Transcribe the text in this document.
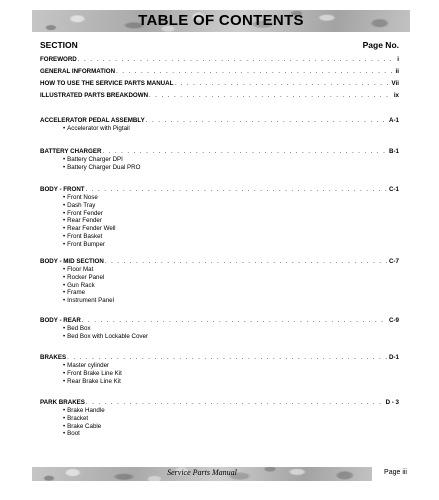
TABLE OF CONTENTS
SECTION	Page No.
FOREWORD . . .	i
GENERAL INFORMATION . . .	ii
HOW TO USE THE SERVICE PARTS MANUAL . . .	Vii
ILLUSTRATED PARTS BREAKDOWN . . .	ix
ACCELERATOR PEDAL ASSEMBLY . . .	A-1
• Accelerator with Pigtail
BATTERY CHARGER . . .	B-1
• Battery Charger DPI
• Battery Charger Dual PRO
BODY - FRONT . . .	C-1
• Front Nose
• Dash Tray
• Front Fender
• Rear Fender
• Rear Fender Well
• Front Basket
• Front Bumper
BODY - MID SECTION . . .	C-7
• Floor Mat
• Rocker Panel
• Gun Rack
• Frame
• Instrument Panel
BODY - REAR . . .	C-9
• Bed Box
• Bed Box with Lockable Cover
BRAKES . . .	D-1
• Master cylinder
• Front Brake Line Kit
• Rear Brake Line Kit
PARK BRAKES . . .	D - 3
• Brake Handle
• Bracket
• Brake Cable
• Boot
Service Parts Manual	Page iii
